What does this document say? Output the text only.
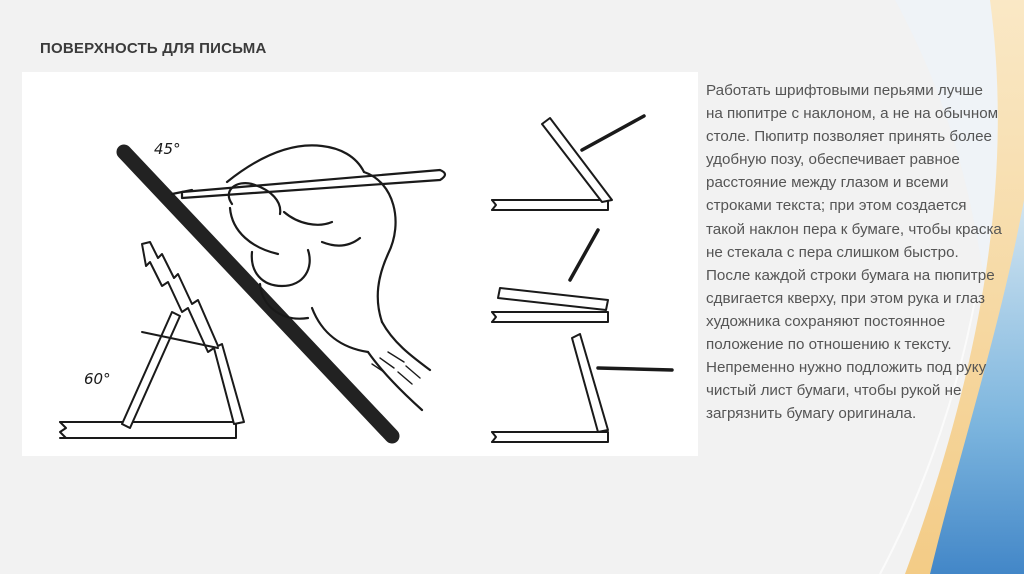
ПОВЕРХНОСТЬ ДЛЯ ПИСЬМА
45°
60°

Работать шрифтовыми перьями лучше на пюпитре с наклоном, а не на обычном столе. Пюпитр позволяет принять более удобную позу, обеспечивает равное расстояние между глазом и всеми строками текста; при этом создается такой наклон пера к бумаге, чтобы краска не стекала с пера слишком быстро.

После каждой строки бумага на пюпитре сдвигается кверху, при этом рука и глаз художника сохраняют постоянное положение по отношению к тексту. Непременно нужно подложить под руку чистый лист бумаги, чтобы рукой не загрязнить бумагу оригинала.
